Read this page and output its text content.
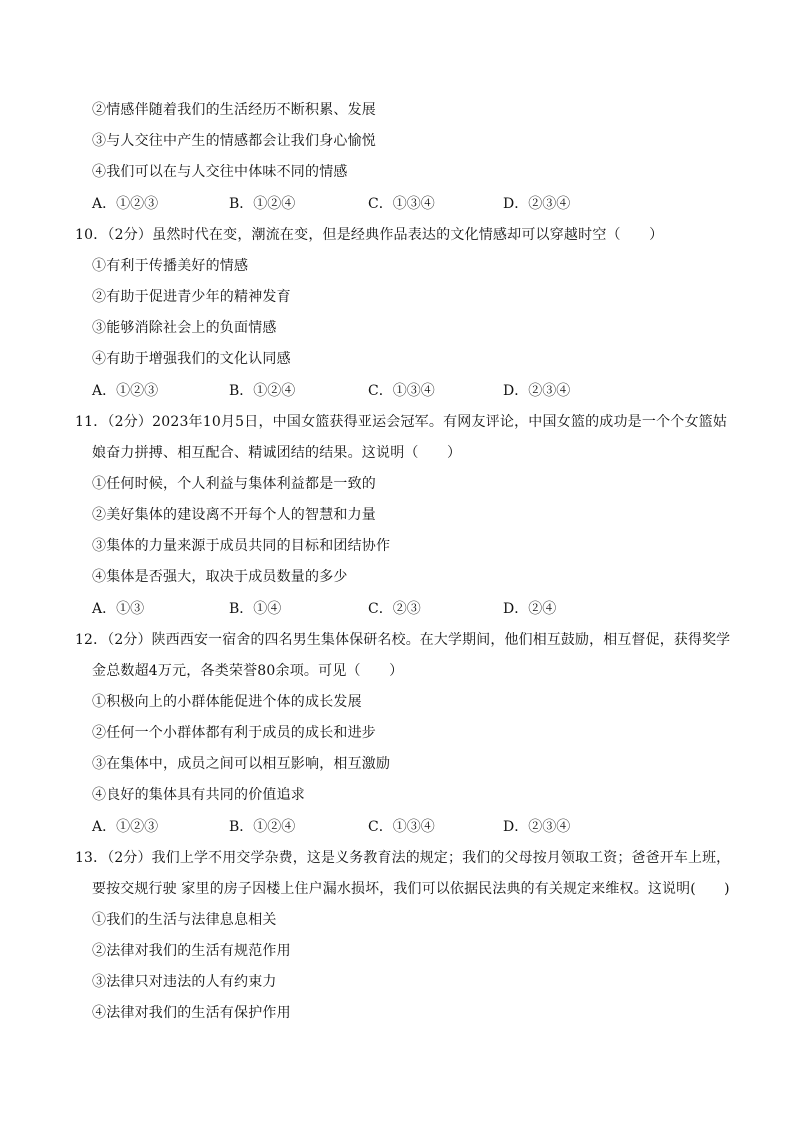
②情感伴随着我们的生活经历不断积累、发展
③与人交往中产生的情感都会让我们身心愉悦
④我们可以在与人交往中体味不同的情感
A．①②③	B．①②④	C．①③④	D．②③④
10．（2分）虽然时代在变，潮流在变，但是经典作品表达的文化情感却可以穿越时空（　　）
①有利于传播美好的情感
②有助于促进青少年的精神发育
③能够消除社会上的负面情感
④有助于增强我们的文化认同感
A．①②③	B．①②④	C．①③④	D．②③④
11．（2分）2023年10月5日，中国女篮获得亚运会冠军。有网友评论，中国女篮的成功是一个个女篮姑
娘奋力拼搏、相互配合、精诚团结的结果。这说明（　　）
①任何时候，个人利益与集体利益都是一致的
②美好集体的建设离不开每个人的智慧和力量
③集体的力量来源于成员共同的目标和团结协作
④集体是否强大，取决于成员数量的多少
A．①③	B．①④	C．②③	D．②④
12．（2分）陕西西安一宿舍的四名男生集体保研名校。在大学期间，他们相互鼓励，相互督促，获得奖学
金总数超4万元，各类荣誉80余项。可见（　　）
①积极向上的小群体能促进个体的成长发展
②任何一个小群体都有利于成员的成长和进步
③在集体中，成员之间可以相互影响，相互激励
④良好的集体具有共同的价值追求
A．①②③	B．①②④	C．①③④	D．②③④
13．（2分）我们上学不用交学杂费，这是义务教育法的规定；我们的父母按月领取工资；爸爸开车上班，
要按交规行驶 家里的房子因楼上住户漏水损坏，我们可以依据民法典的有关规定来维权。这说明(　　)
①我们的生活与法律息息相关
②法律对我们的生活有规范作用
③法律只对违法的人有约束力
④法律对我们的生活有保护作用
